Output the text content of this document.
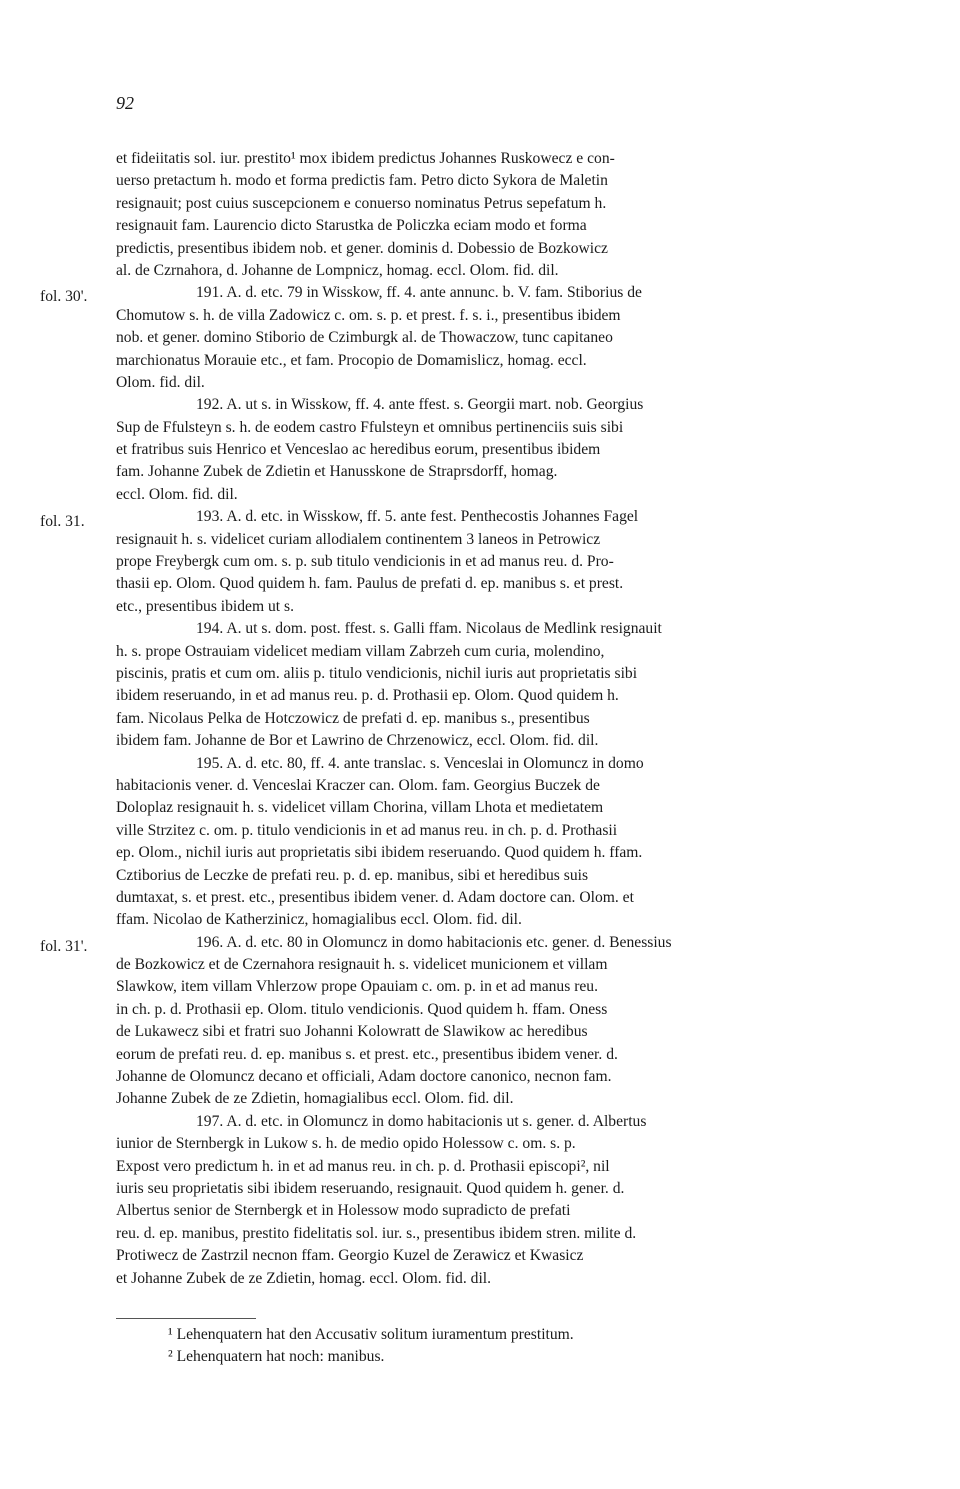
92
fol. 30'.
fol. 31.
fol. 31'.
et fideiitatis sol. iur. prestito¹ mox ibidem predictus Johannes Ruskowecz e con-
uerso pretactum h. modo et forma predictis fam. Petro dicto Sykora de Maletin
resignauit; post cuius suscepcionem e conuerso nominatus Petrus sepefatum h.
resignauit fam. Laurencio dicto Starustka de Policzka eciam modo et forma
predictis, presentibus ibidem nob. et gener. dominis d. Dobessio de Bozkowicz
al. de Czrnahora, d. Johanne de Lompnicz, homag. eccl. Olom. fid. dil.
191. A. d. etc. 79 in Wisskow, ff. 4. ante annunc. b. V. fam. Stiborius de
Chomutow s. h. de villa Zadowicz c. om. s. p. et prest. f. s. i., presentibus ibidem
nob. et gener. domino Stiborio de Czimburgk al. de Thowaczow, tunc capitaneo
marchionatus Morauie etc., et fam. Procopio de Domamislicz, homag. eccl.
Olom. fid. dil.
192. A. ut s. in Wisskow, ff. 4. ante ffest. s. Georgii mart. nob. Georgius
Sup de Ffulsteyn s. h. de eodem castro Ffulsteyn et omnibus pertinenciis suis sibi
et fratribus suis Henrico et Venceslao ac heredibus eorum, presentibus ibidem
fam. Johanne Zubek de Zdietin et Hanusskone de Straprsdorff, homag.
eccl. Olom. fid. dil.
193. A. d. etc. in Wisskow, ff. 5. ante fest. Penthecostis Johannes Fagel
resignauit h. s. videlicet curiam allodialem continentem 3 laneos in Petrowicz
prope Freybergk cum om. s. p. sub titulo vendicionis in et ad manus reu. d. Pro-
thasii ep. Olom. Quod quidem h. fam. Paulus de prefati d. ep. manibus s. et prest.
etc., presentibus ibidem ut s.
194. A. ut s. dom. post. ffest. s. Galli ffam. Nicolaus de Medlink resignauit
h. s. prope Ostrauiam videlicet mediam villam Zabrzeh cum curia, molendino,
piscinis, pratis et cum om. aliis p. titulo vendicionis, nichil iuris aut proprietatis sibi
ibidem reseruando, in et ad manus reu. p. d. Prothasii ep. Olom. Quod quidem h.
fam. Nicolaus Pelka de Hotczowicz de prefati d. ep. manibus s., presentibus
ibidem fam. Johanne de Bor et Lawrino de Chrzenowicz, eccl. Olom. fid. dil.
195. A. d. etc. 80, ff. 4. ante translac. s. Venceslai in Olomuncz in domo
habitacionis vener. d. Venceslai Kraczer can. Olom. fam. Georgius Buczek de
Doloplaz resignauit h. s. videlicet villam Chorina, villam Lhota et medietatem
ville Strzitez c. om. p. titulo vendicionis in et ad manus reu. in ch. p. d. Prothasii
ep. Olom., nichil iuris aut proprietatis sibi ibidem reseruando. Quod quidem h. ffam.
Cztiborius de Leczke de prefati reu. p. d. ep. manibus, sibi et heredibus suis
dumtaxat, s. et prest. etc., presentibus ibidem vener. d. Adam doctore can. Olom. et
ffam. Nicolao de Katherzinicz, homagialibus eccl. Olom. fid. dil.
196. A. d. etc. 80 in Olomuncz in domo habitacionis etc. gener. d. Benessius
de Bozkowicz et de Czernahora resignauit h. s. videlicet municionem et villam
Slawkow, item villam Vhlerzow prope Opauiam c. om. p. in et ad manus reu.
in ch. p. d. Prothasii ep. Olom. titulo vendicionis. Quod quidem h. ffam. Oness
de Lukawecz sibi et fratri suo Johanni Kolowratt de Slawikow ac heredibus
eorum de prefati reu. d. ep. manibus s. et prest. etc., presentibus ibidem vener. d.
Johanne de Olomuncz decano et officiali, Adam doctore canonico, necnon fam.
Johanne Zubek de ze Zdietin, homagialibus eccl. Olom. fid. dil.
197. A. d. etc. in Olomuncz in domo habitacionis ut s. gener. d. Albertus
iunior de Sternbergk in Lukow s. h. de medio opido Holessow c. om. s. p.
Expost vero predictum h. in et ad manus reu. in ch. p. d. Prothasii episcopi², nil
iuris seu proprietatis sibi ibidem reseruando, resignauit. Quod quidem h. gener. d.
Albertus senior de Sternbergk et in Holessow modo supradicto de prefati
reu. d. ep. manibus, prestito fidelitatis sol. iur. s., presentibus ibidem stren. milite d.
Protiwecz de Zastrzil necnon ffam. Georgio Kuzel de Zerawicz et Kwasicz
et Johanne Zubek de ze Zdietin, homag. eccl. Olom. fid. dil.
¹ Lehenquatern hat den Accusativ solitum iuramentum prestitum.
² Lehenquatern hat noch: manibus.
